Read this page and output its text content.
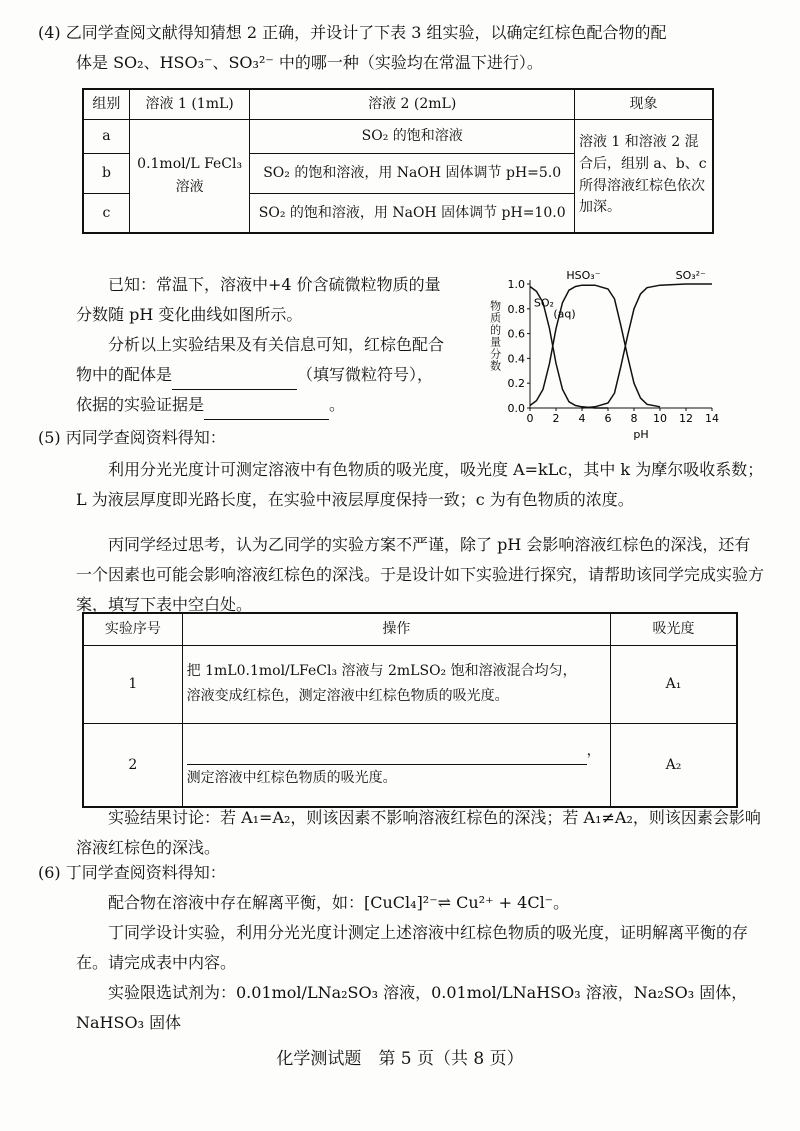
(4) 乙同学查阅文献得知猜想 2 正确，并设计了下表 3 组实验，以确定红棕色配合物的配
体是 SO₂、HSO₃⁻、SO₃²⁻ 中的哪一种（实验均在常温下进行）。
组别	溶液 1 (1mL)	溶液 2 (2mL)	现象
a	0.1mol/L FeCl₃ 溶液	SO₂ 的饱和溶液	溶液 1 和溶液 2 混合后，组别 a、b、c 所得溶液红棕色依次加深。
b		SO₂ 的饱和溶液，用 NaOH 固体调节 pH=5.0	
c		SO₂ 的饱和溶液，用 NaOH 固体调节 pH=10.0	
已知：常温下，溶液中+4 价含硫微粒物质的量分数随 pH 变化曲线如图所示。
分析以上实验结果及有关信息可知，红棕色配合物中的配体是	（填写微粒符号），
依据的实验证据是	。
物质的量分数
0 2 4 6 8 10 12 14
0.0
0.2
0.4
0.6
0.8
1.0
pH
SO₂
(aq)
HSO₃⁻	SO₃²⁻
(5) 丙同学查阅资料得知：
利用分光光度计可测定溶液中有色物质的吸光度，吸光度 A=kLc，其中 k 为摩尔吸收系数；L 为液层厚度即光路长度，在实验中液层厚度保持一致；c 为有色物质的浓度。
丙同学经过思考，认为乙同学的实验方案不严谨，除了 pH 会影响溶液红棕色的深浅，还有一个因素也可能会影响溶液红棕色的深浅。于是设计如下实验进行探究，请帮助该同学完成实验方案，填写下表中空白处。
实验序号	操作	吸光度
1	把 1mL0.1mol/LFeCl₃ 溶液与 2mLSO₂ 饱和溶液混合均匀，
溶液变成红棕色，测定溶液中红棕色物质的吸光度。	A₁
2	，
测定溶液中红棕色物质的吸光度。	A₂
实验结果讨论：若 A₁=A₂，则该因素不影响溶液红棕色的深浅；若 A₁≠A₂，则该因素会影响溶液红棕色的深浅。
(6) 丁同学查阅资料得知：
配合物在溶液中存在解离平衡，如：[CuCl₄]²⁻⇌ Cu²⁺ + 4Cl⁻。
丁同学设计实验，利用分光光度计测定上述溶液中红棕色物质的吸光度，证明解离平衡的存在。请完成表中内容。
实验限选试剂为：0.01mol/LNa₂SO₃ 溶液，0.01mol/LNaHSO₃ 溶液，Na₂SO₃ 固体，NaHSO₃ 固体
化学测试题　第 5 页（共 8 页）
